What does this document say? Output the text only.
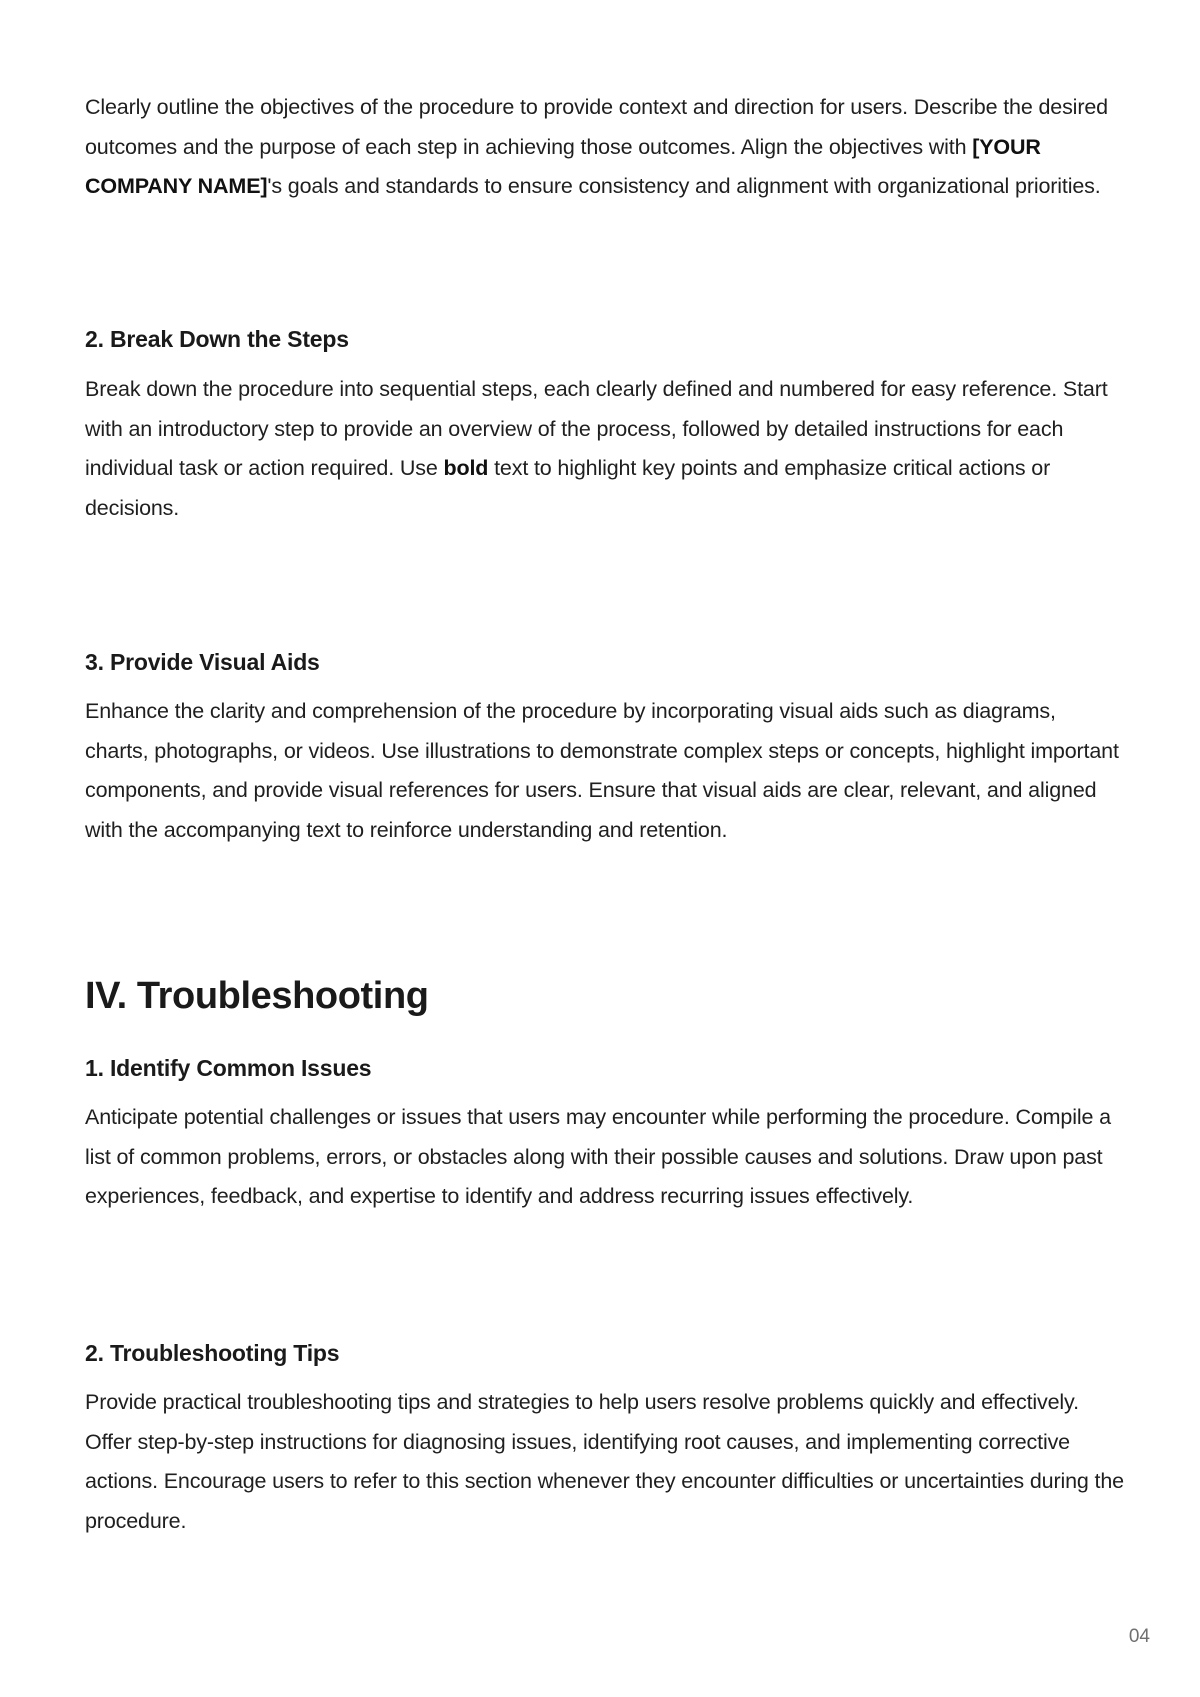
Clearly outline the objectives of the procedure to provide context and direction for users. Describe the desired outcomes and the purpose of each step in achieving those outcomes. Align the objectives with [YOUR COMPANY NAME]'s goals and standards to ensure consistency and alignment with organizational priorities.

2. Break Down the Steps

Break down the procedure into sequential steps, each clearly defined and numbered for easy reference. Start with an introductory step to provide an overview of the process, followed by detailed instructions for each individual task or action required. Use bold text to highlight key points and emphasize critical actions or decisions.

3. Provide Visual Aids

Enhance the clarity and comprehension of the procedure by incorporating visual aids such as diagrams, charts, photographs, or videos. Use illustrations to demonstrate complex steps or concepts, highlight important components, and provide visual references for users. Ensure that visual aids are clear, relevant, and aligned with the accompanying text to reinforce understanding and retention.

IV. Troubleshooting
1. Identify Common Issues

Anticipate potential challenges or issues that users may encounter while performing the procedure. Compile a list of common problems, errors, or obstacles along with their possible causes and solutions. Draw upon past experiences, feedback, and expertise to identify and address recurring issues effectively.

2. Troubleshooting Tips

Provide practical troubleshooting tips and strategies to help users resolve problems quickly and effectively. Offer step-by-step instructions for diagnosing issues, identifying root causes, and implementing corrective actions. Encourage users to refer to this section whenever they encounter difficulties or uncertainties during the procedure.

04
